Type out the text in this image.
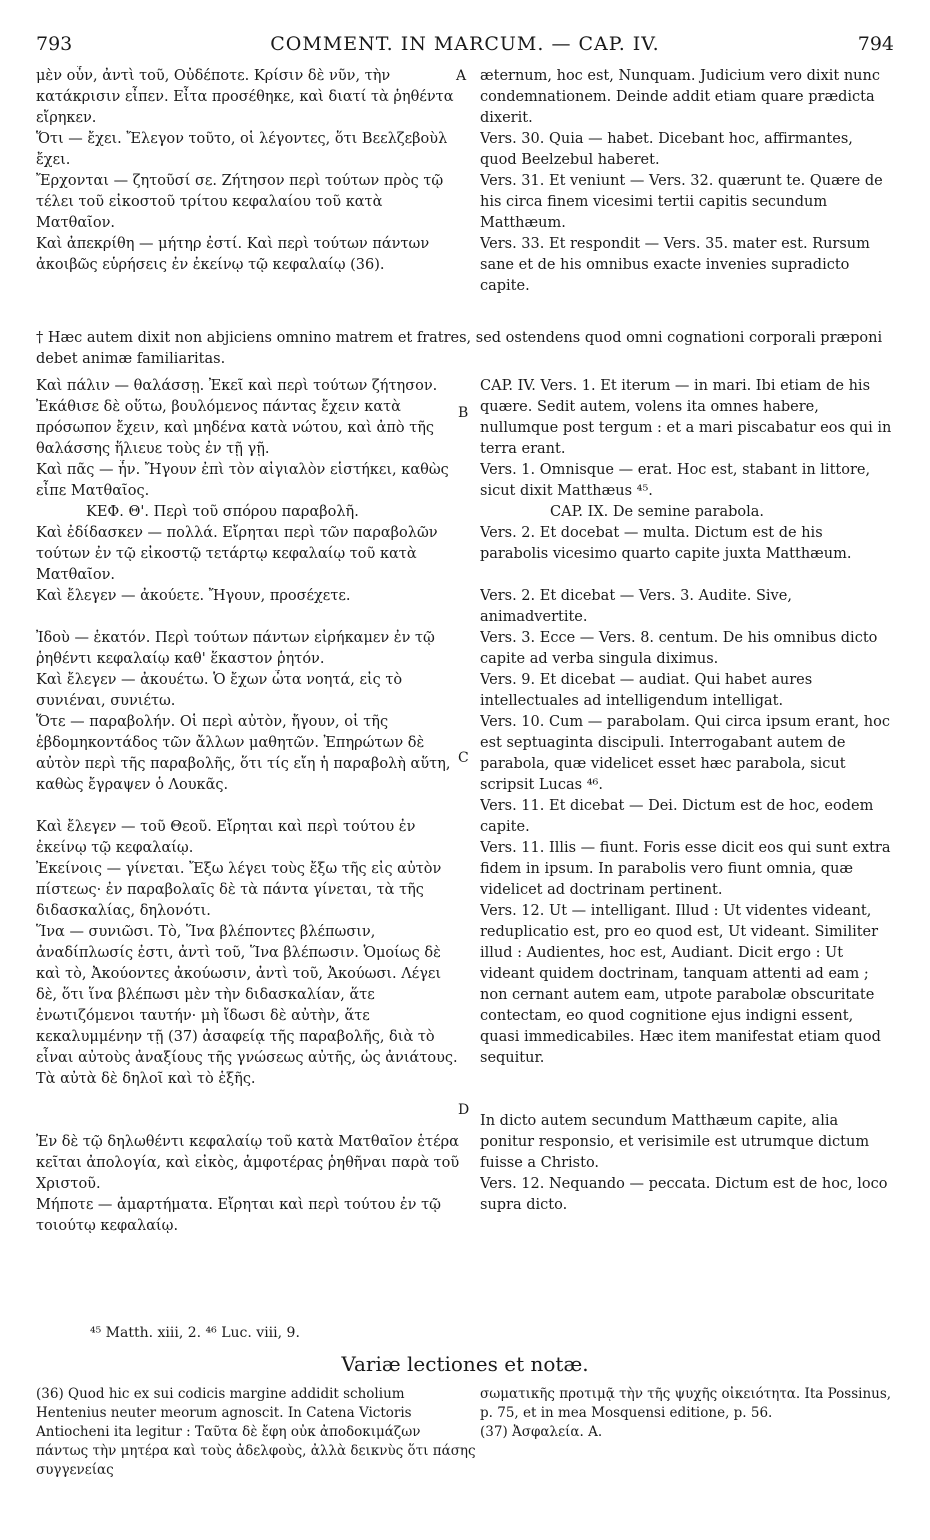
793	COMMENT. IN MARCUM. — CAP. IV.	794

μὲν οὖν, ἀντὶ τοῦ, Οὐδέποτε. Κρίσιν δὲ νῦν, τὴν κατάκρισιν εἶπεν. Εἶτα προσέθηκε, καὶ διατί τὰ ῥηθέντα εἴρηκεν.

Ὅτι — ἔχει. Ἔλεγον τοῦτο, οἱ λέγοντες, ὅτι Βεελζεβοὺλ ἔχει.

Ἔρχονται — ζητοῦσί σε. Ζήτησον περὶ τούτων πρὸς τῷ τέλει τοῦ εἰκοστοῦ τρίτου κεφαλαίου τοῦ κατὰ Ματθαῖον.

Καὶ ἀπεκρίθη — μήτηρ ἐστί. Καὶ περὶ τούτων πάντων ἀκοιβῶς εὑρήσεις ἐν ἐκείνῳ τῷ κεφαλαίῳ (36).

æternum, hoc est, Nunquam. Judicium vero dixit nunc condemnationem. Deinde addit etiam quare prædicta dixerit.

Vers. 30. Quia — habet. Dicebant hoc, affirmantes, quod Beelzebul haberet.

Vers. 31. Et veniunt — Vers. 32. quærunt te. Quære de his circa finem vicesimi tertii capitis secundum Matthæum.

Vers. 33. Et respondit — Vers. 35. mater est. Rursum sane et de his omnibus exacte invenies supradicto capite.

† Hæc autem dixit non abjiciens omnino matrem et fratres, sed ostendens quod omni cognationi corporali præponi debet animæ familiaritas.

Καὶ πάλιν — θαλάσσῃ. Ἐκεῖ καὶ περὶ τούτων ζήτησον. Ἐκάθισε δὲ οὕτω, βουλόμενος πάντας ἔχειν κατὰ πρόσωπον ἔχειν, καὶ μηδένα κατὰ νώτου, καὶ ἀπὸ τῆς θαλάσσης ἥλιευε τοὺς ἐν τῇ γῇ.

Καὶ πᾶς — ἦν. Ἤγουν ἐπὶ τὸν αἰγιαλὸν εἱστήκει, καθὼς εἶπε Ματθαῖος.

ΚΕΦ. Θ'. Περὶ τοῦ σπόρου παραβολῆ.

Καὶ ἐδίδασκεν — πολλά. Εἴρηται περὶ τῶν παραβολῶν τούτων ἐν τῷ εἰκοστῷ τετάρτῳ κεφαλαίῳ τοῦ κατὰ Ματθαῖον.

Καὶ ἔλεγεν — ἀκούετε. Ἤγουν, προσέχετε.

Ἰδοὺ — ἑκατόν. Περὶ τούτων πάντων εἰρήκαμεν ἐν τῷ ῥηθέντι κεφαλαίῳ καθ' ἕκαστον ῥητόν.

Καὶ ἔλεγεν — ἀκουέτω. Ὁ ἔχων ὦτα νοητά, εἰς τὸ συνιέναι, συνιέτω.

Ὅτε — παραβολήν. Οἱ περὶ αὐτὸν, ἤγουν, οἱ τῆς ἑβδομηκοντάδος τῶν ἄλλων μαθητῶν. Ἐπηρώτων δὲ αὐτὸν περὶ τῆς παραβολῆς, ὅτι τίς εἴη ἡ παραβολὴ αὕτη, καθὼς ἔγραψεν ὁ Λουκᾶς.

Καὶ ἔλεγεν — τοῦ Θεοῦ. Εἴρηται καὶ περὶ τούτου ἐν ἐκείνῳ τῷ κεφαλαίῳ.

Ἐκείνοις — γίνεται. Ἔξω λέγει τοὺς ἔξω τῆς εἰς αὐτὸν πίστεως· ἐν παραβολαῖς δὲ τὰ πάντα γίνεται, τὰ τῆς διδασκαλίας, δηλονότι.

Ἵνα — συνιῶσι. Τὸ, Ἵνα βλέποντες βλέπωσιν, ἀναδίπλωσίς ἐστι, ἀντὶ τοῦ, Ἵνα βλέπωσιν. Ὁμοίως δὲ καὶ τὸ, Ἀκούοντες ἀκούωσιν, ἀντὶ τοῦ, Ἀκούωσι. Λέγει δὲ, ὅτι ἵνα βλέπωσι μὲν τὴν διδασκαλίαν, ἅτε ἐνωτιζόμενοι ταυτήν· μὴ ἴδωσι δὲ αὐτὴν, ἅτε κεκαλυμμένην τῇ (37) ἀσαφείᾳ τῆς παραβολῆς, διὰ τὸ εἶναι αὐτοὺς ἀναξίους τῆς γνώσεως αὐτῆς, ὡς ἀνιάτους. Τὰ αὐτὰ δὲ δηλοῖ καὶ τὸ ἑξῆς.

Ἐν δὲ τῷ δηλωθέντι κεφαλαίῳ τοῦ κατὰ Ματθαῖον ἑτέρα κεῖται ἀπολογία, καὶ εἰκὸς, ἀμφοτέρας ῥηθῆναι παρὰ τοῦ Χριστοῦ.

Μήποτε — ἁμαρτήματα. Εἴρηται καὶ περὶ τούτου ἐν τῷ τοιούτῳ κεφαλαίῳ.

CAP. IV. Vers. 1. Et iterum — in mari. Ibi etiam de his quære. Sedit autem, volens ita omnes habere, nullumque post tergum : et a mari piscabatur eos qui in terra erant.

Vers. 1. Omnisque — erat. Hoc est, stabant in littore, sicut dixit Matthæus ⁴⁵.

CAP. IX. De semine parabola.

Vers. 2. Et docebat — multa. Dictum est de his parabolis vicesimo quarto capite juxta Matthæum.

Vers. 2. Et dicebat — Vers. 3. Audite. Sive, animadvertite.

Vers. 3. Ecce — Vers. 8. centum. De his omnibus dicto capite ad verba singula diximus.

Vers. 9. Et dicebat — audiat. Qui habet aures intellectuales ad intelligendum intelligat.

Vers. 10. Cum — parabolam. Qui circa ipsum erant, hoc est septuaginta discipuli. Interrogabant autem de parabola, quæ videlicet esset hæc parabola, sicut scripsit Lucas ⁴⁶.

Vers. 11. Et dicebat — Dei. Dictum est de hoc, eodem capite.

Vers. 11. Illis — fiunt. Foris esse dicit eos qui sunt extra fidem in ipsum. In parabolis vero fiunt omnia, quæ videlicet ad doctrinam pertinent.

Vers. 12. Ut — intelligant. Illud : Ut videntes videant, reduplicatio est, pro eo quod est, Ut videant. Similiter illud : Audientes, hoc est, Audiant. Dicit ergo : Ut videant quidem doctrinam, tanquam attenti ad eam ; non cernant autem eam, utpote parabolæ obscuritate contectam, eo quod cognitione ejus indigni essent, quasi immedicabiles. Hæc item manifestat etiam quod sequitur.

In dicto autem secundum Matthæum capite, alia ponitur responsio, et verisimile est utrumque dictum fuisse a Christo.

Vers. 12. Nequando — peccata. Dictum est de hoc, loco supra dicto.

A
B
C
D
⁴⁵ Matth. xiii, 2. ⁴⁶ Luc. viii, 9.
Variæ lectiones et notæ.
(36) Quod hic ex sui codicis margine addidit scholium Hentenius neuter meorum agnoscit. In Catena Victoris Antiocheni ita legitur : Ταῦτα δὲ ἔφη οὐκ ἀποδοκιμάζων πάντως τὴν μητέρα καὶ τοὺς ἀδελφοὺς, ἀλλὰ δεικνὺς ὅτι πάσης συγγενείας
σωματικῆς προτιμᾷ τὴν τῆς ψυχῆς οἰκειότητα. Ita Possinus, p. 75, et in mea Mosquensi editione, p. 56.
(37) Ἀσφαλεία. A.
